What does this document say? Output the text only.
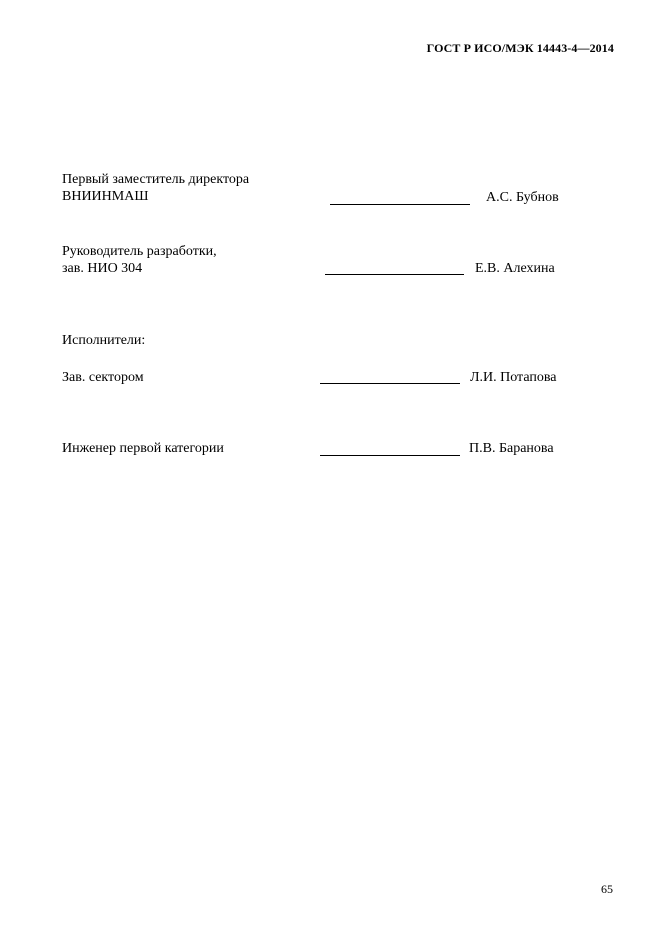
ГОСТ Р ИСО/МЭК 14443-4—2014
Первый заместитель директора
ВНИИНМАШ	А.С. Бубнов
Руководитель разработки,
зав. НИО 304	Е.В. Алехина
Исполнители:
Зав. сектором	Л.И. Потапова
Инженер первой категории	П.В. Баранова
65
